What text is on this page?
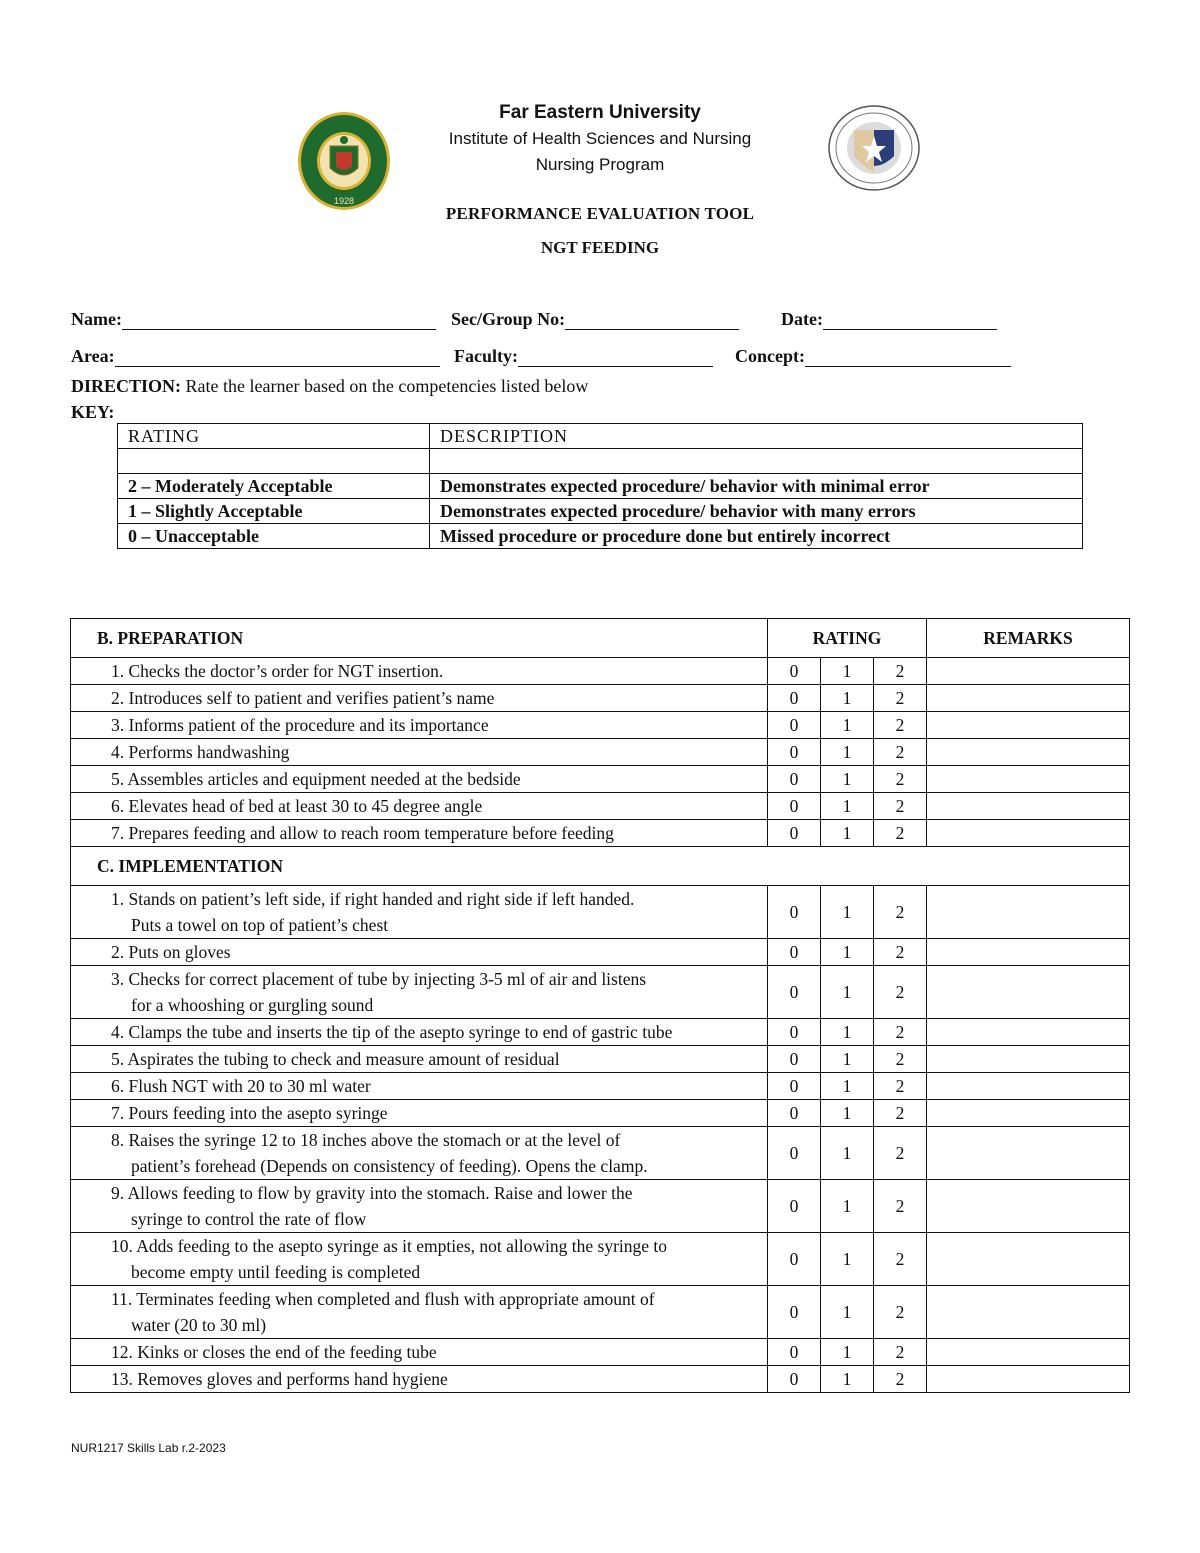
1928
Far Eastern University
Institute of Health Sciences and Nursing
Nursing Program
PERFORMANCE EVALUATION TOOL
NGT FEEDING
Name:	Sec/Group No:	Date:
Area:	Faculty:	Concept:
DIRECTION: Rate the learner based on the competencies listed below
KEY:
RATING	DESCRIPTION

2 – Moderately Acceptable	Demonstrates expected procedure/ behavior with minimal error
1 – Slightly Acceptable	Demonstrates expected procedure/ behavior with many errors
0 – Unacceptable	Missed procedure or procedure done but entirely incorrect
B. PREPARATION	RATING			REMARKS

1. Checks the doctor’s order for NGT insertion.	0	1	2	

2. Introduces self to patient and verifies patient’s name	0	1	2	

3. Informs patient of the procedure and its importance	0	1	2	

4. Performs handwashing	0	1	2	

5. Assembles articles and equipment needed at the bedside	0	1	2	

6. Elevates head of bed at least 30 to 45 degree angle	0	1	2	

7. Prepares feeding and allow to reach room temperature before feeding	0	1	2	
C. IMPLEMENTATION				

1. Stands on patient’s left side, if right handed and right side if left handed.
Puts a towel on top of patient’s chest	0	1	2	

2. Puts on gloves	0	1	2	

3. Checks for correct placement of tube by injecting 3-5 ml of air and listens
for a whooshing or gurgling sound	0	1	2	

4. Clamps the tube and inserts the tip of the asepto syringe to end of gastric tube	0	1	2	

5. Aspirates the tubing to check and measure amount of residual	0	1	2	

6. Flush NGT with 20 to 30 ml water	0	1	2	

7. Pours feeding into the asepto syringe	0	1	2	

8. Raises the syringe 12 to 18 inches above the stomach or at the level of
patient’s forehead (Depends on consistency of feeding). Opens the clamp.	0	1	2	

9. Allows feeding to flow by gravity into the stomach. Raise and lower the
syringe to control the rate of flow	0	1	2	

10. Adds feeding to the asepto syringe as it empties, not allowing the syringe to
become empty until feeding is completed	0	1	2	

11. Terminates feeding when completed and flush with appropriate amount of
water (20 to 30 ml)	0	1	2	

12. Kinks or closes the end of the feeding tube	0	1	2	

13. Removes gloves and performs hand hygiene	0	1	2	
NUR1217 Skills Lab r.2-2023
